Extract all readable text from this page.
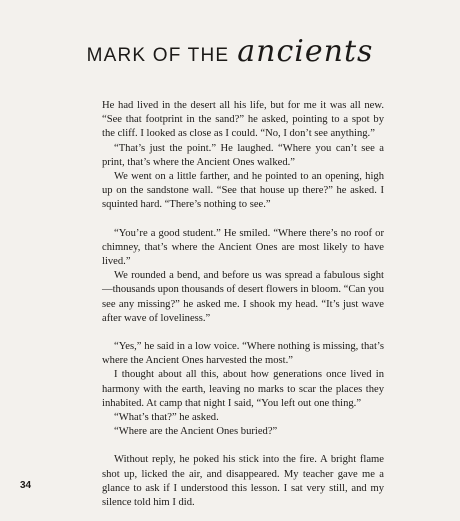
MARK OF THE ancients

He had lived in the desert all his life, but for me it was all new. “See that footprint in the sand?” he asked, pointing to a spot by the cliff. I looked as close as I could. “No, I don’t see anything.”

“That’s just the point.” He laughed. “Where you can’t see a print, that’s where the Ancient Ones walked.”

We went on a little farther, and he pointed to an opening, high up on the sandstone wall. “See that house up there?” he asked. I squinted hard. “There’s nothing to see.”

“You’re a good student.” He smiled. “Where there’s no roof or chimney, that’s where the Ancient Ones are most likely to have lived.”

We rounded a bend, and before us was spread a fabulous sight—thousands upon thousands of desert flowers in bloom. “Can you see any missing?” he asked me. I shook my head. “It’s just wave after wave of loveliness.”

“Yes,” he said in a low voice. “Where nothing is missing, that’s where the Ancient Ones harvested the most.”

I thought about all this, about how generations once lived in harmony with the earth, leaving no marks to scar the places they inhabited. At camp that night I said, “You left out one thing.”

“What’s that?” he asked.

“Where are the Ancient Ones buried?”

Without reply, he poked his stick into the fire. A bright flame shot up, licked the air, and disappeared. My teacher gave me a glance to ask if I understood this lesson. I sat very still, and my silence told him I did.

34
